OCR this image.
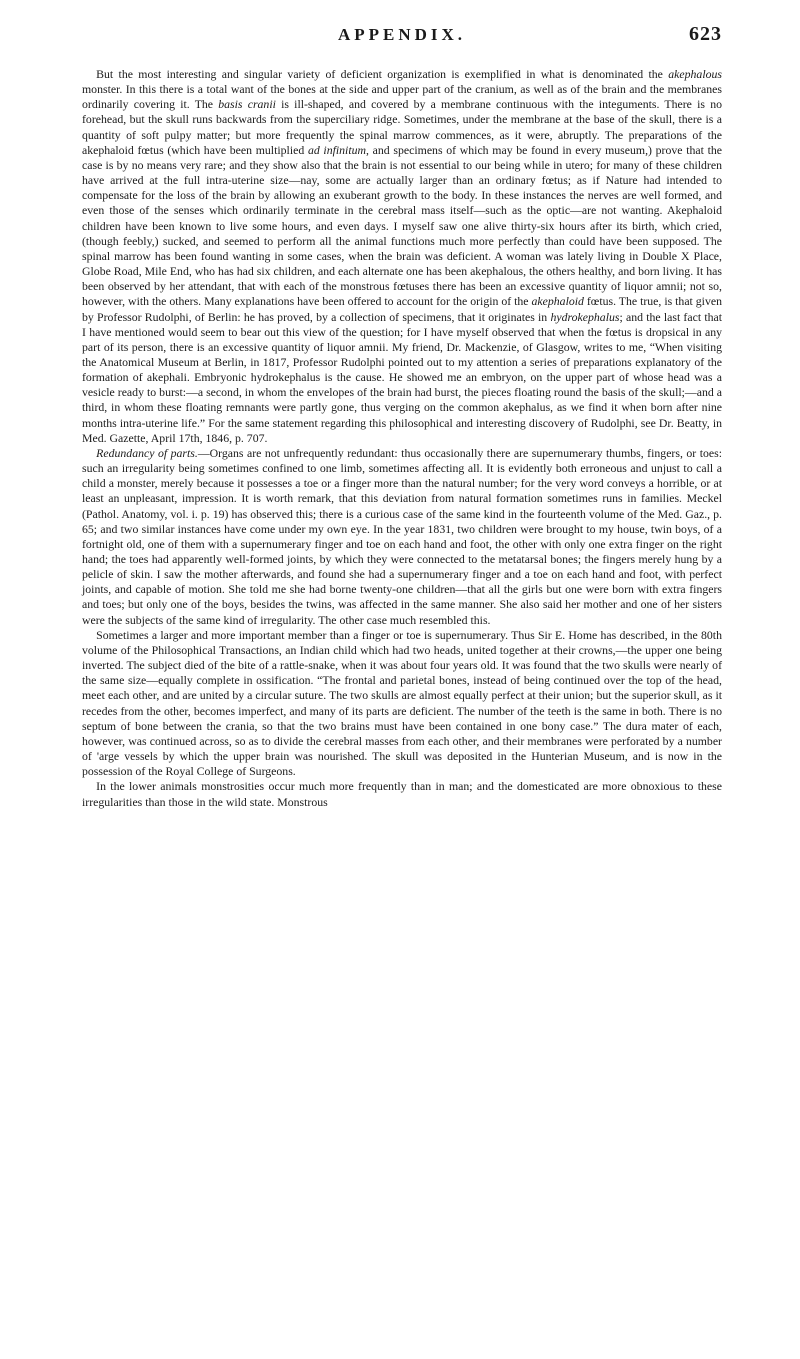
APPENDIX.	623

But the most interesting and singular variety of deficient organization is exemplified in what is denominated the akephalous monster. In this there is a total want of the bones at the side and upper part of the cranium, as well as of the brain and the membranes ordinarily covering it. The basis cranii is ill-shaped, and covered by a membrane continuous with the integuments. There is no forehead, but the skull runs backwards from the superciliary ridge. Sometimes, under the membrane at the base of the skull, there is a quantity of soft pulpy matter; but more frequently the spinal marrow commences, as it were, abruptly. The preparations of the akephaloid fœtus (which have been multiplied ad infinitum, and specimens of which may be found in every museum,) prove that the case is by no means very rare; and they show also that the brain is not essential to our being while in utero; for many of these children have arrived at the full intra-uterine size—nay, some are actually larger than an ordinary fœtus; as if Nature had intended to compensate for the loss of the brain by allowing an exuberant growth to the body. In these instances the nerves are well formed, and even those of the senses which ordinarily terminate in the cerebral mass itself—such as the optic—are not wanting. Akephaloid children have been known to live some hours, and even days. I myself saw one alive thirty-six hours after its birth, which cried, (though feebly,) sucked, and seemed to perform all the animal functions much more perfectly than could have been supposed. The spinal marrow has been found wanting in some cases, when the brain was deficient. A woman was lately living in Double X Place, Globe Road, Mile End, who has had six children, and each alternate one has been akephalous, the others healthy, and born living. It has been observed by her attendant, that with each of the monstrous fœtuses there has been an excessive quantity of liquor amnii; not so, however, with the others. Many explanations have been offered to account for the origin of the akephaloid fœtus. The true, is that given by Professor Rudolphi, of Berlin: he has proved, by a collection of specimens, that it originates in hydrokephalus; and the last fact that I have mentioned would seem to bear out this view of the question; for I have myself observed that when the fœtus is dropsical in any part of its person, there is an excessive quantity of liquor amnii. My friend, Dr. Mackenzie, of Glasgow, writes to me, “When visiting the Anatomical Museum at Berlin, in 1817, Professor Rudolphi pointed out to my attention a series of preparations explanatory of the formation of akephali. Embryonic hydrokephalus is the cause. He showed me an embryon, on the upper part of whose head was a vesicle ready to burst:—a second, in whom the envelopes of the brain had burst, the pieces floating round the basis of the skull;—and a third, in whom these floating remnants were partly gone, thus verging on the common akephalus, as we find it when born after nine months intra-uterine life.” For the same statement regarding this philosophical and interesting discovery of Rudolphi, see Dr. Beatty, in Med. Gazette, April 17th, 1846, p. 707.

Redundancy of parts.—Organs are not unfrequently redundant: thus occasionally there are supernumerary thumbs, fingers, or toes: such an irregularity being sometimes confined to one limb, sometimes affecting all. It is evidently both erroneous and unjust to call a child a monster, merely because it possesses a toe or a finger more than the natural number; for the very word conveys a horrible, or at least an unpleasant, impression. It is worth remark, that this deviation from natural formation sometimes runs in families. Meckel (Pathol. Anatomy, vol. i. p. 19) has observed this; there is a curious case of the same kind in the fourteenth volume of the Med. Gaz., p. 65; and two similar instances have come under my own eye. In the year 1831, two children were brought to my house, twin boys, of a fortnight old, one of them with a supernumerary finger and toe on each hand and foot, the other with only one extra finger on the right hand; the toes had apparently well-formed joints, by which they were connected to the metatarsal bones; the fingers merely hung by a pelicle of skin. I saw the mother afterwards, and found she had a supernumerary finger and a toe on each hand and foot, with perfect joints, and capable of motion. She told me she had borne twenty-one children—that all the girls but one were born with extra fingers and toes; but only one of the boys, besides the twins, was affected in the same manner. She also said her mother and one of her sisters were the subjects of the same kind of irregularity. The other case much resembled this.

Sometimes a larger and more important member than a finger or toe is supernumerary. Thus Sir E. Home has described, in the 80th volume of the Philosophical Transactions, an Indian child which had two heads, united together at their crowns,—the upper one being inverted. The subject died of the bite of a rattle-snake, when it was about four years old. It was found that the two skulls were nearly of the same size—equally complete in ossification. “The frontal and parietal bones, instead of being continued over the top of the head, meet each other, and are united by a circular suture. The two skulls are almost equally perfect at their union; but the superior skull, as it recedes from the other, becomes imperfect, and many of its parts are deficient. The number of the teeth is the same in both. There is no septum of bone between the crania, so that the two brains must have been contained in one bony case.” The dura mater of each, however, was continued across, so as to divide the cerebral masses from each other, and their membranes were perforated by a number of 'arge vessels by which the upper brain was nourished. The skull was deposited in the Hunterian Museum, and is now in the possession of the Royal College of Surgeons.

In the lower animals monstrosities occur much more frequently than in man; and the domesticated are more obnoxious to these irregularities than those in the wild state. Monstrous
